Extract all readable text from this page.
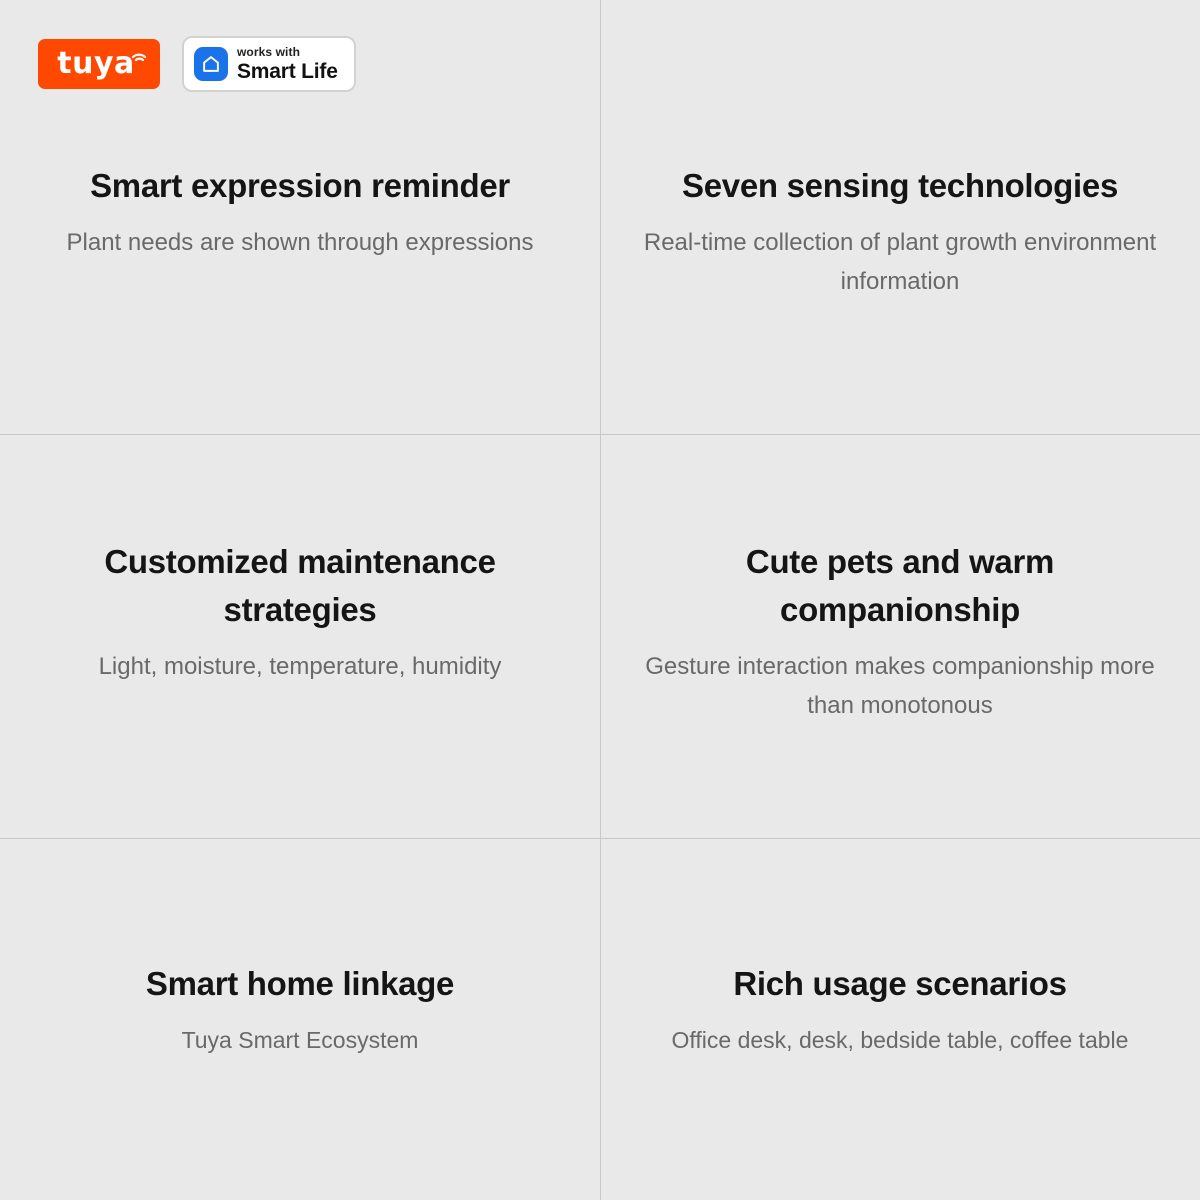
tuya	works with
Smart Life
Smart expression reminder
Plant needs are shown through expressions
Seven sensing technologies
Real-time collection of plant growth environment information
Customized maintenance strategies
Light, moisture, temperature, humidity
Cute pets and warm companionship
Gesture interaction makes companionship more than monotonous
Smart home linkage
Tuya Smart Ecosystem
Rich usage scenarios
Office desk, desk, bedside table, coffee table
